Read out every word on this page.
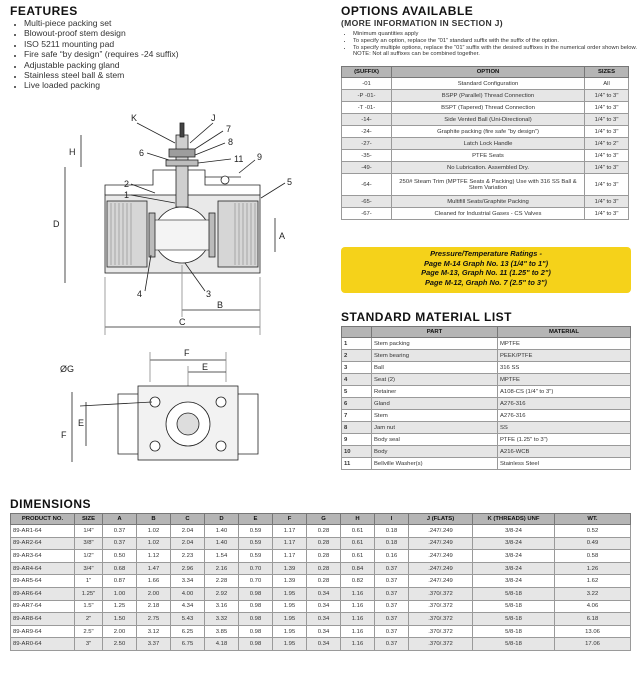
FEATURES
• Multi-piece packing set
• Blowout-proof stem design
• ISO 5211 mounting pad
• Fire safe “by design” (requires -24 suffix)
• Adjustable packing gland
• Stainless steel ball & stem
• Live loaded packing
K	J
7
8
H	6
11 9
D
2
1
5
A
4	3
B
C
F
ØG	E
E
F
OPTIONS AVAILABLE
(MORE INFORMATION IN SECTION J)
• Minimum quantities apply
• To specify an option, replace the “01” standard suffix with the suffix of the option.
• To specify multiple options, replace the “01” suffix with the desired suffixes in the numerical order shown below. NOTE: Not all suffixes can be combined together.
(SUFFIX)	OPTION	SIZES
-01	Standard Configuration	All
-P -01-	BSPP (Parallel) Thread Connection	1/4" to 3"
-T -01-	BSPT (Tapered) Thread Connection	1/4" to 3"
-14-	Side Vented Ball (Uni-Directional)	1/4" to 3"
-24-	Graphite packing (fire safe “by design”)	1/4" to 3"
-27-	Latch Lock Handle	1/4" to 2"
-35-	PTFE Seats	1/4" to 3"
-49-	No Lubrication. Assembled Dry.	1/4" to 3"
-64-	250# Steam Trim (MPTFE Seats & Packing) Use with 316 SS Ball & Stem Variation	1/4" to 3"
-65-	Multifill Seats/Graphite Packing	1/4" to 3"
-67-	Cleaned for Industrial Gases - CS Valves	1/4" to 3"
Pressure/Temperature Ratings -
Page M-14 Graph No. 13 (1/4" to 1")
Page M-13, Graph No. 11 (1.25" to 2")
Page M-12, Graph No. 7 (2.5" to 3")
STANDARD MATERIAL LIST
	PART	MATERIAL
1	Stem packing	MPTFE
2	Stem bearing	PEEK/PTFE
3	Ball	316 SS
4	Seat (2)	MPTFE
5	Retainer	A108-CS (1/4" to 3")
6	Gland	A276-316
7	Stem	A276-316
8	Jam nut	SS
9	Body seal	PTFE (1.25" to 3")
10	Body	A216-WCB
11	Bellville Washer(s)	Stainless Steel
DIMENSIONS
PRODUCT NO.	SIZE	A	B	C	D	E	F	G	H	I	J (FLATS)	K (THREADS) UNF	WT.
89-AR1-64	1/4"	0.37	1.02	2.04	1.40	0.59	1.17	0.28	0.61	0.18	.247/.249	3/8-24	0.52
89-AR2-64	3/8"	0.37	1.02	2.04	1.40	0.59	1.17	0.28	0.61	0.18	.247/.249	3/8-24	0.49
89-AR3-64	1/2"	0.50	1.12	2.23	1.54	0.59	1.17	0.28	0.61	0.16	.247/.249	3/8-24	0.58
89-AR4-64	3/4"	0.68	1.47	2.96	2.16	0.70	1.39	0.28	0.84	0.37	.247/.249	3/8-24	1.26
89-AR5-64	1"	0.87	1.66	3.34	2.28	0.70	1.39	0.28	0.82	0.37	.247/.249	3/8-24	1.62
89-AR6-64	1.25"	1.00	2.00	4.00	2.92	0.98	1.95	0.34	1.16	0.37	.370/.372	5/8-18	3.22
89-AR7-64	1.5"	1.25	2.18	4.34	3.16	0.98	1.95	0.34	1.16	0.37	.370/.372	5/8-18	4.06
89-AR8-64	2"	1.50	2.75	5.43	3.32	0.98	1.95	0.34	1.16	0.37	.370/.372	5/8-18	6.18
89-AR9-64	2.5"	2.00	3.12	6.25	3.85	0.98	1.95	0.34	1.16	0.37	.370/.372	5/8-18	13.06
89-AR0-64	3"	2.50	3.37	6.75	4.18	0.98	1.95	0.34	1.16	0.37	.370/.372	5/8-18	17.06
